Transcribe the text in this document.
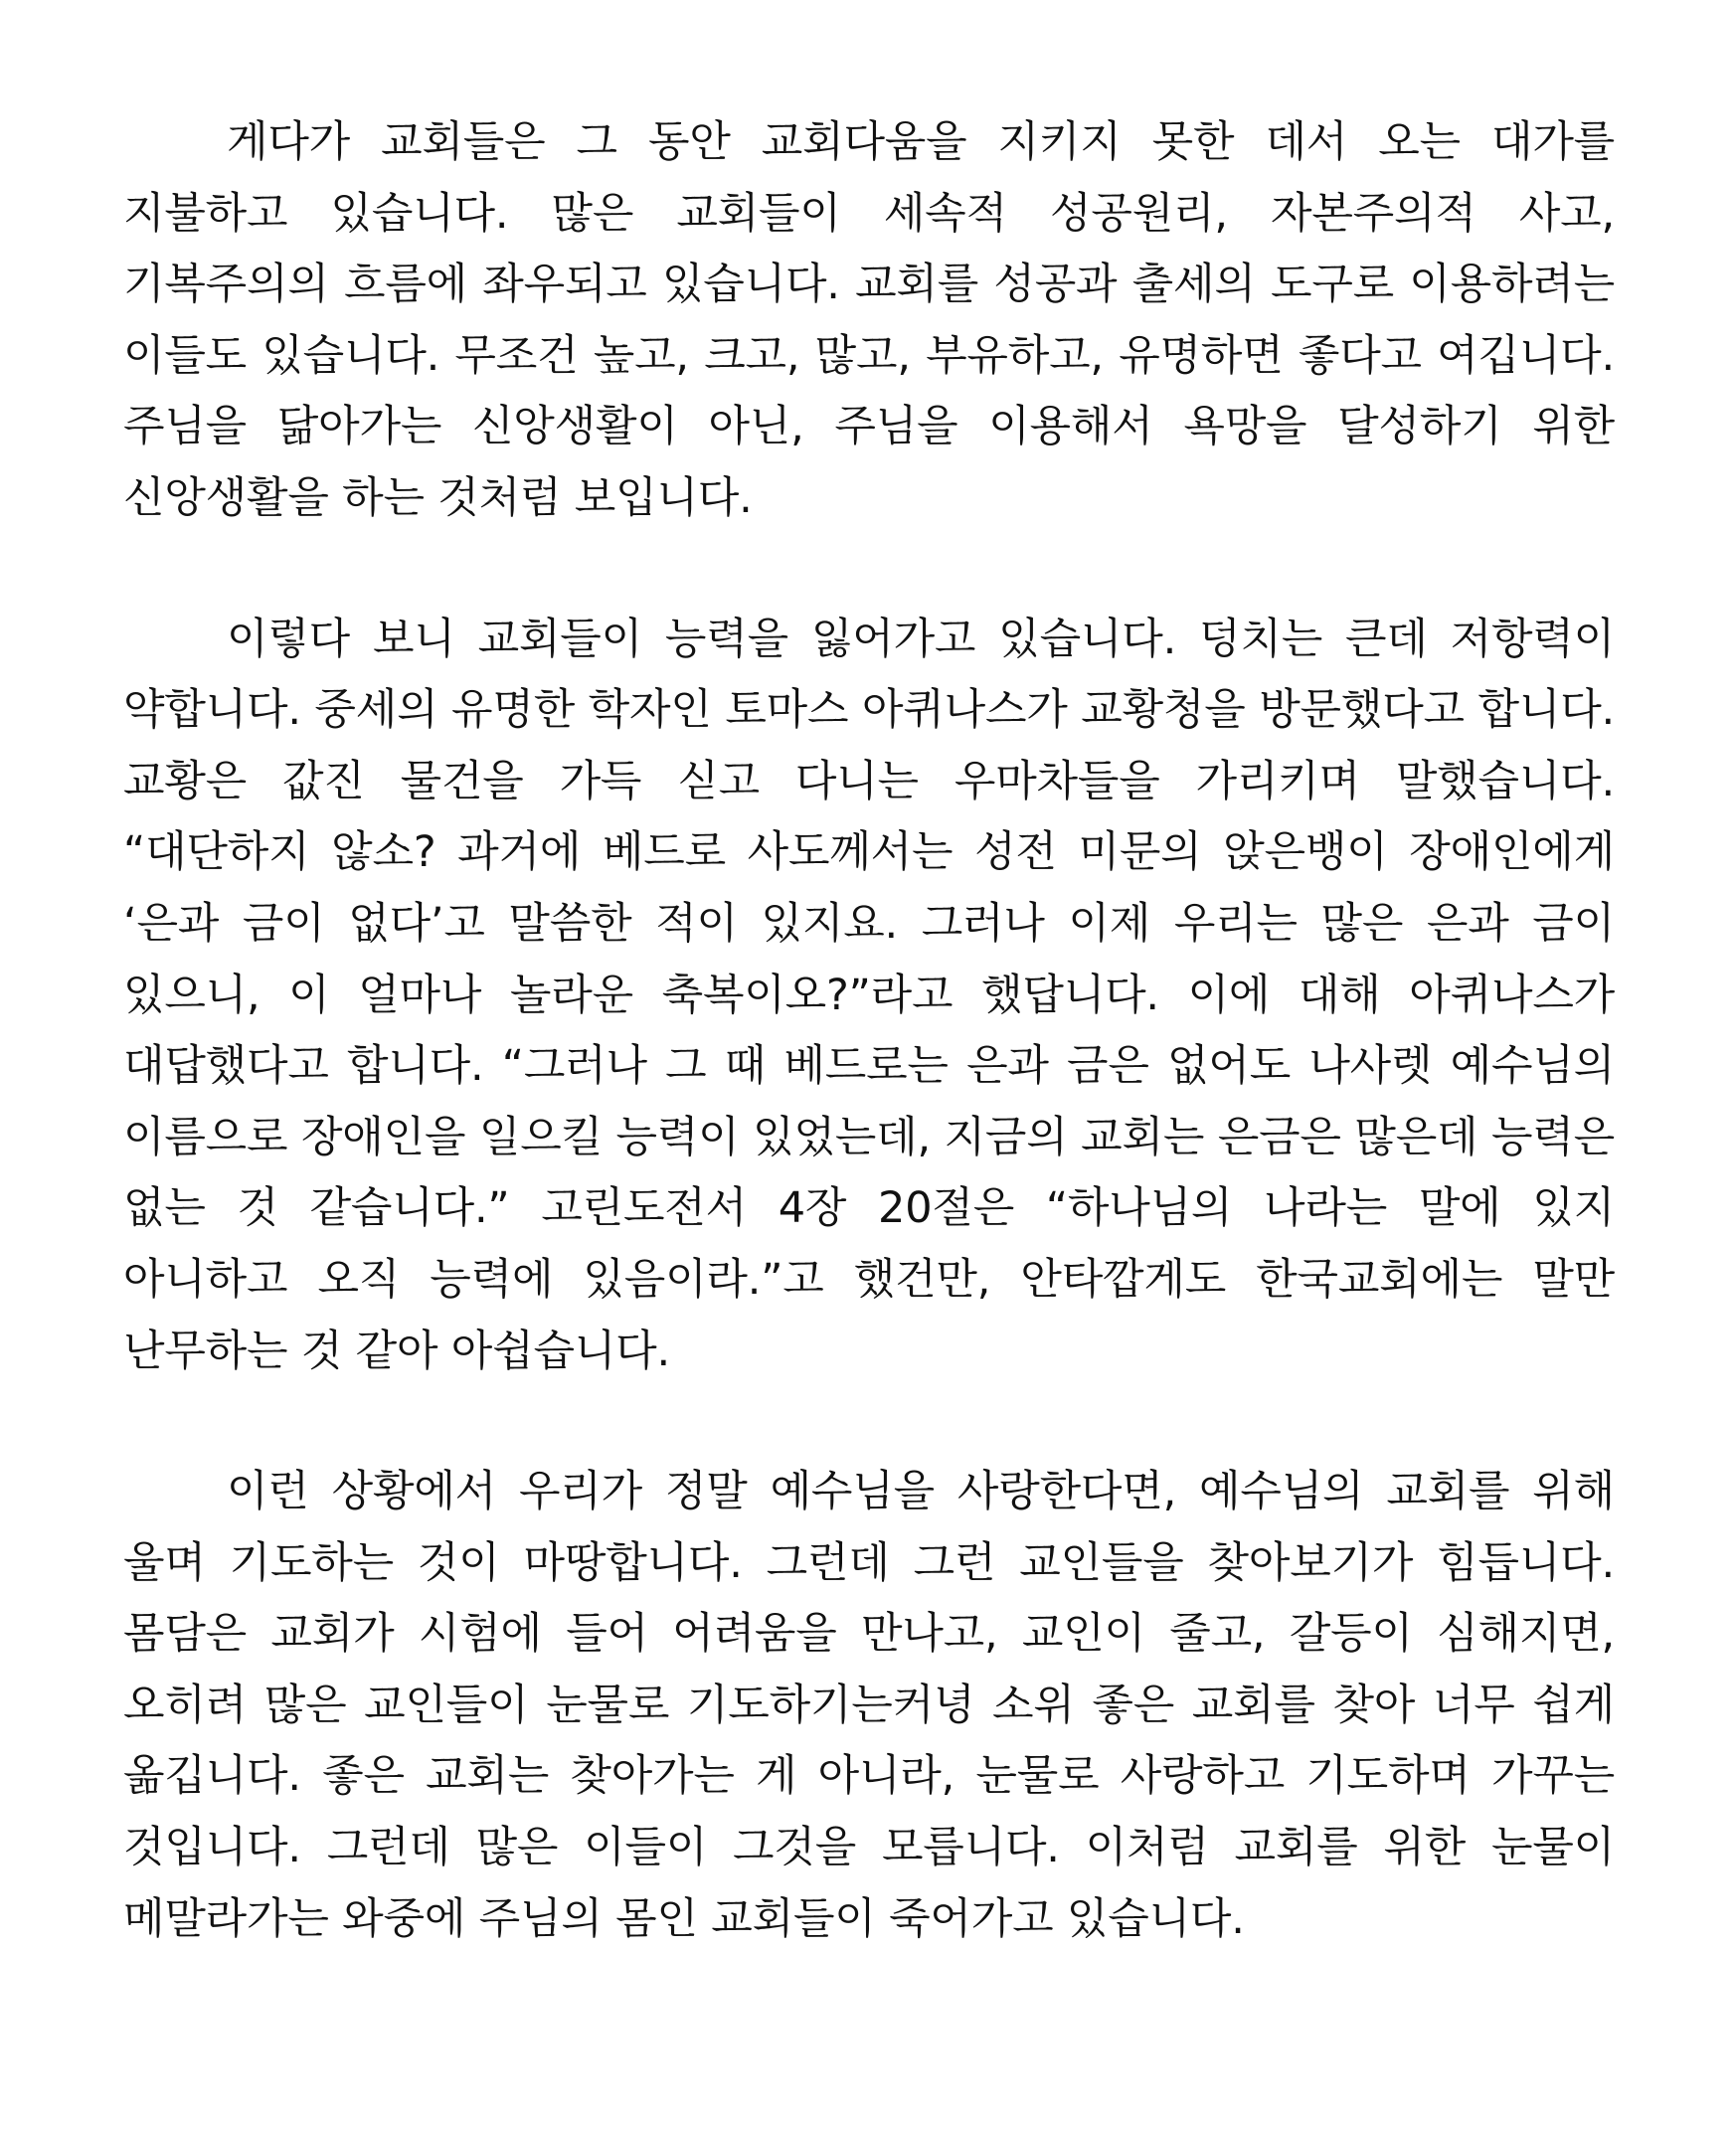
게다가 교회들은 그 동안 교회다움을 지키지 못한 데서 오는 대가를 지불하고 있습니다. 많은 교회들이 세속적 성공원리, 자본주의적 사고, 기복주의의 흐름에 좌우되고 있습니다. 교회를 성공과 출세의 도구로 이용하려는 이들도 있습니다. 무조건 높고, 크고, 많고, 부유하고, 유명하면 좋다고 여깁니다. 주님을 닮아가는 신앙생활이 아닌, 주님을 이용해서 욕망을 달성하기 위한 신앙생활을 하는 것처럼 보입니다.

이렇다 보니 교회들이 능력을 잃어가고 있습니다. 덩치는 큰데 저항력이 약합니다. 중세의 유명한 학자인 토마스 아퀴나스가 교황청을 방문했다고 합니다. 교황은 값진 물건을 가득 싣고 다니는 우마차들을 가리키며 말했습니다. “대단하지 않소? 과거에 베드로 사도께서는 성전 미문의 앉은뱅이 장애인에게 ‘은과 금이 없다’고 말씀한 적이 있지요. 그러나 이제 우리는 많은 은과 금이 있으니, 이 얼마나 놀라운 축복이오?”라고 했답니다. 이에 대해 아퀴나스가 대답했다고 합니다. “그러나 그 때 베드로는 은과 금은 없어도 나사렛 예수님의 이름으로 장애인을 일으킬 능력이 있었는데, 지금의 교회는 은금은 많은데 능력은 없는 것 같습니다.” 고린도전서 4장 20절은 “하나님의 나라는 말에 있지 아니하고 오직 능력에 있음이라.”고 했건만, 안타깝게도 한국교회에는 말만 난무하는 것 같아 아쉽습니다.

이런 상황에서 우리가 정말 예수님을 사랑한다면, 예수님의 교회를 위해 울며 기도하는 것이 마땅합니다. 그런데 그런 교인들을 찾아보기가 힘듭니다. 몸담은 교회가 시험에 들어 어려움을 만나고, 교인이 줄고, 갈등이 심해지면, 오히려 많은 교인들이 눈물로 기도하기는커녕 소위 좋은 교회를 찾아 너무 쉽게 옮깁니다. 좋은 교회는 찾아가는 게 아니라, 눈물로 사랑하고 기도하며 가꾸는 것입니다. 그런데 많은 이들이 그것을 모릅니다. 이처럼 교회를 위한 눈물이 메말라가는 와중에 주님의 몸인 교회들이 죽어가고 있습니다.
